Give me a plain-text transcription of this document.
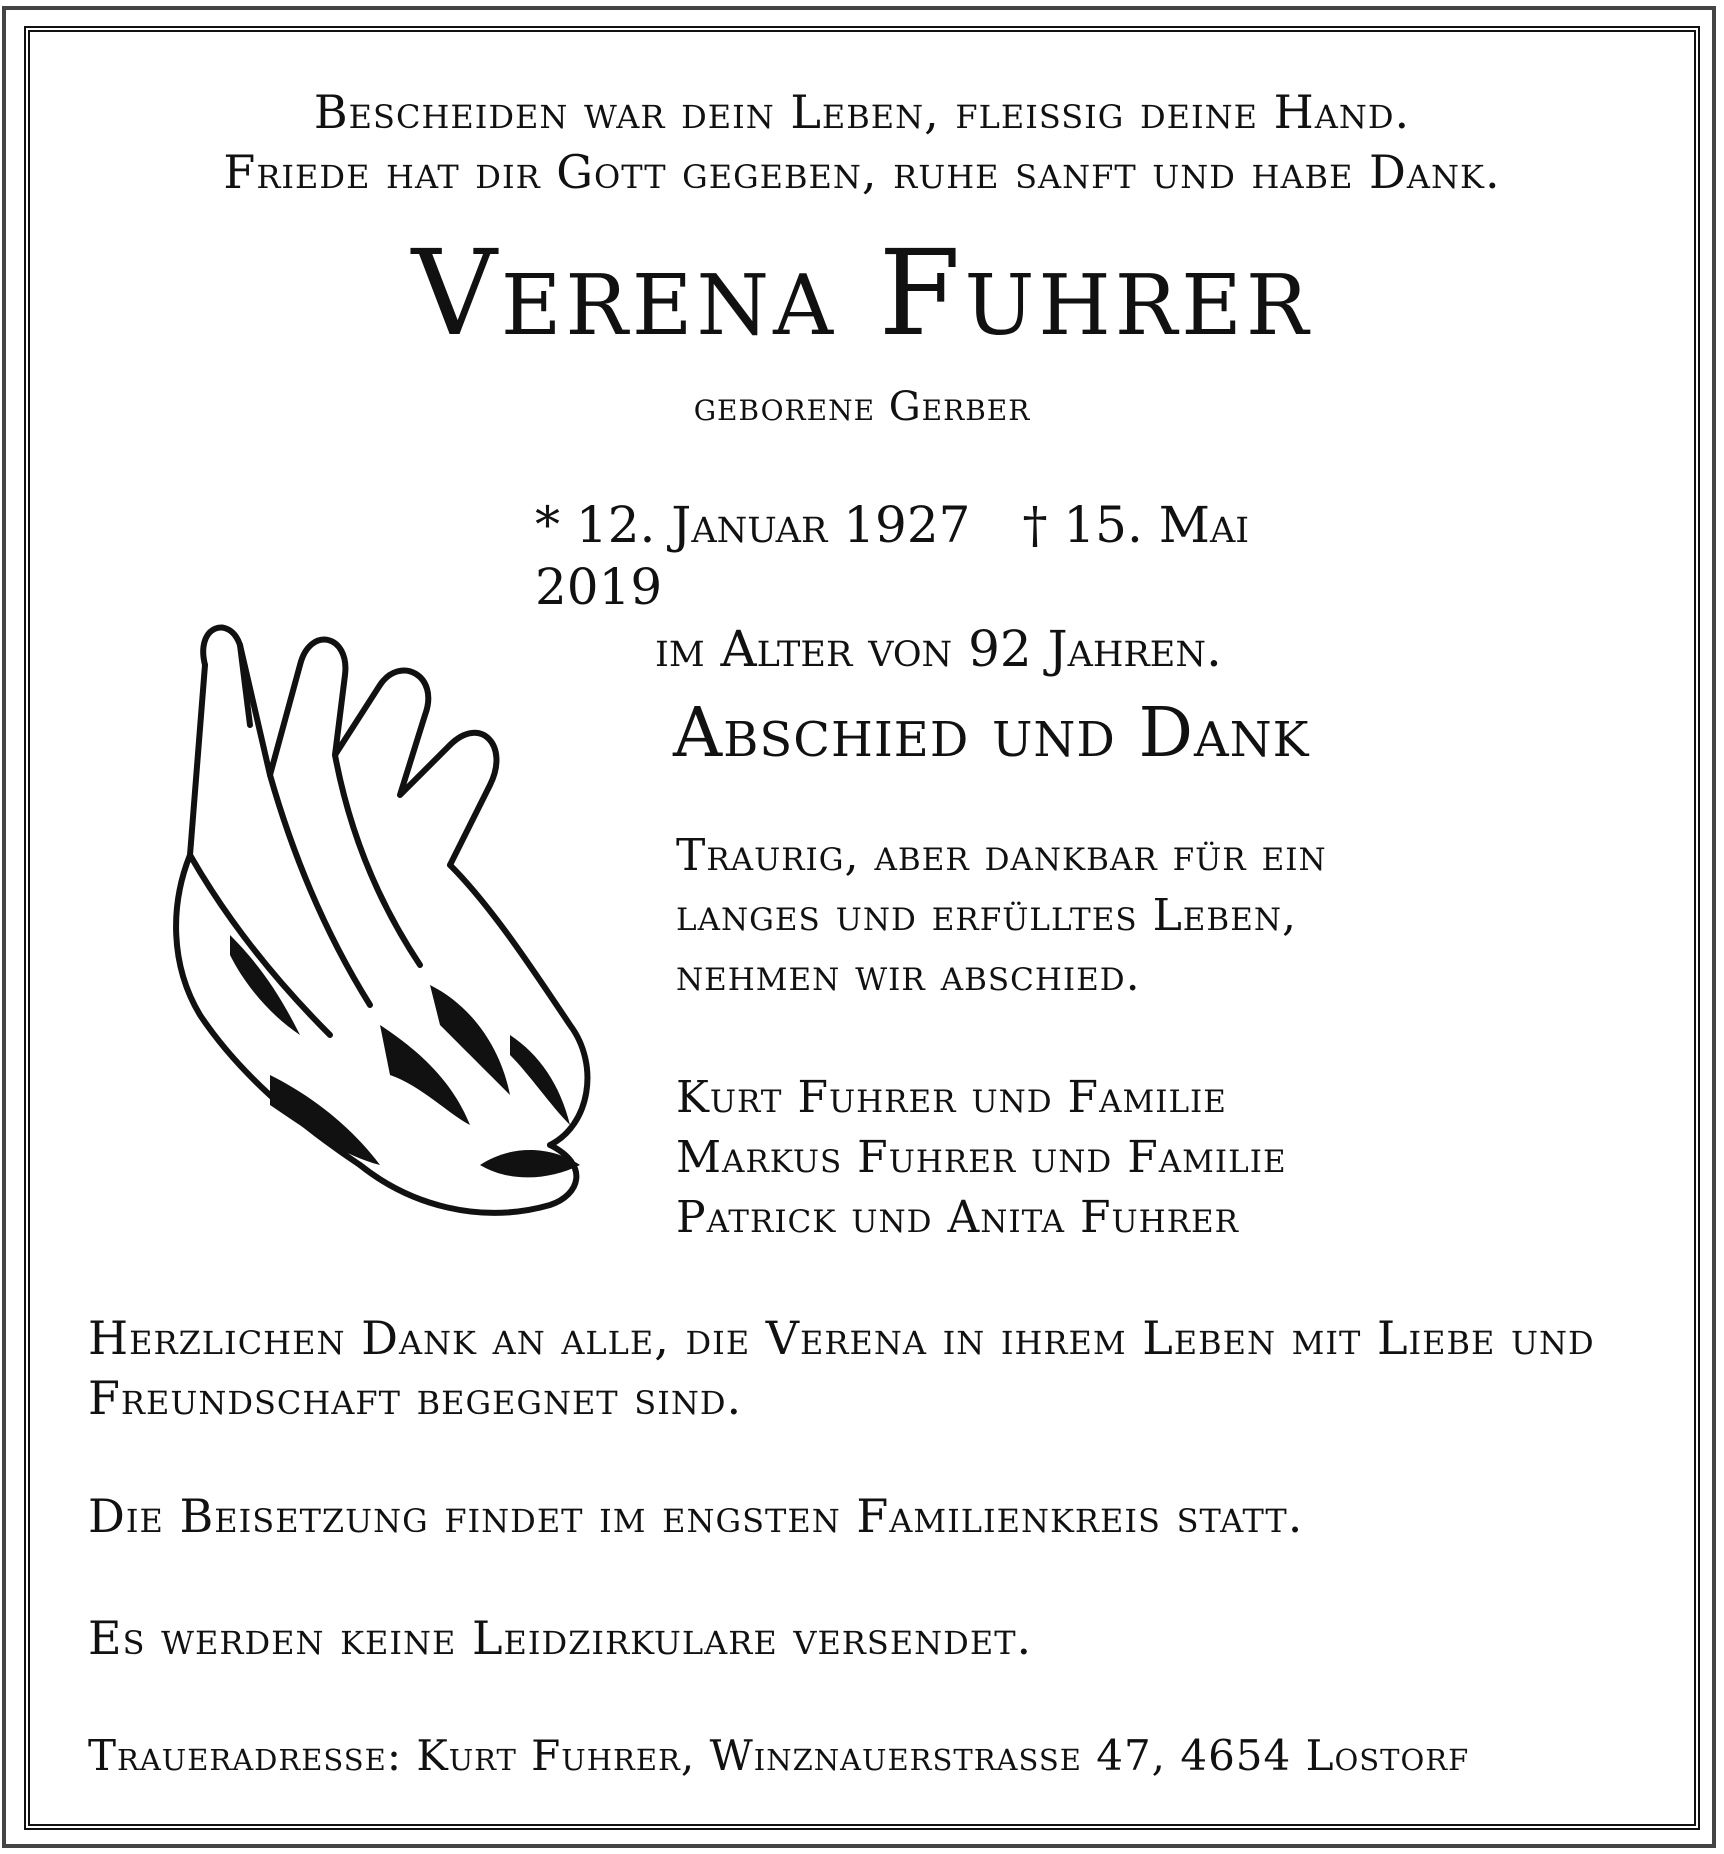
Bescheiden war dein Leben, fleissig deine Hand.
Friede hat dir Gott gegeben, ruhe sanft und habe Dank.
Verena Fuhrer
geborene Gerber
* 12. Januar 1927 † 15. Mai 2019
im Alter von 92 Jahren.
Abschied und Dank
Traurig, aber dankbar für ein
langes und erfülltes Leben,
nehmen wir abschied.
Kurt Fuhrer und Familie
Markus Fuhrer und Familie
Patrick und Anita Fuhrer
Herzlichen Dank an alle, die Verena in ihrem Leben mit Liebe und Freundschaft begegnet sind.
Die Beisetzung findet im engsten Familienkreis statt.
Es werden keine Leidzirkulare versendet.
Traueradresse: Kurt Fuhrer, Winznauerstrasse 47, 4654 Lostorf
